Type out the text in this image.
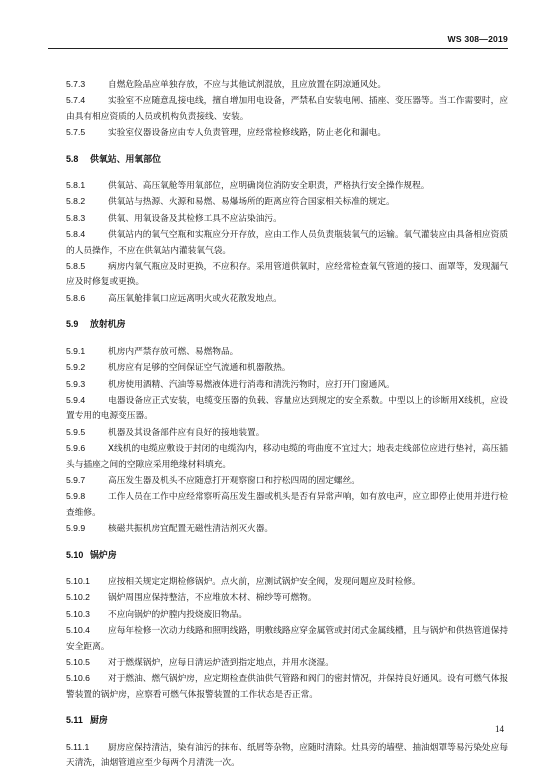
WS 308—2019

5.7.3	自燃危险品应单独存放，不应与其他试剂混放，且应放置在阴凉通风处。

5.7.4	实验室不应随意乱接电线，擅自增加用电设备，严禁私自安装电闸、插座、变压器等。当工作需要时，应由具有相应资质的人员或机构负责接线、安装。

5.7.5	实验室仪器设备应由专人负责管理，应经常检修线路，防止老化和漏电。

5.8 供氧站、用氧部位

5.8.1	供氧站、高压氧舱等用氧部位，应明确岗位消防安全职责，严格执行安全操作规程。

5.8.2	供氧站与热源、火源和易燃、易爆场所的距离应符合国家相关标准的规定。

5.8.3	供氧、用氧设备及其检修工具不应沾染油污。

5.8.4	供氧站内的氧气空瓶和实瓶应分开存放，应由工作人员负责瓶装氧气的运输。氧气灌装应由具备相应资质的人员操作，不应在供氧站内灌装氧气袋。

5.8.5	病房内氧气瓶应及时更换，不应积存。采用管道供氧时，应经常检查氧气管道的接口、面罩等，发现漏气应及时修复或更换。

5.8.6	高压氧舱排氧口应远离明火或火花散发地点。

5.9 放射机房

5.9.1	机房内严禁存放可燃、易燃物品。

5.9.2	机房应有足够的空间保证空气流通和机器散热。

5.9.3	机房使用酒精、汽油等易燃液体进行消毒和清洗污物时，应打开门窗通风。

5.9.4	电器设备应正式安装，电缆变压器的负载、容量应达到规定的安全系数。中型以上的诊断用X线机，应设置专用的电源变压器。

5.9.5	机器及其设备部件应有良好的接地装置。

5.9.6	X线机的电缆应敷设于封闭的电缆沟内，移动电缆的弯曲度不宜过大；地表走线部位应进行垫衬，高压插头与插座之间的空隙应采用绝缘材料填充。

5.9.7	高压发生器及机头不应随意打开观察窗口和拧松四周的固定螺丝。

5.9.8	工作人员在工作中应经常察听高压发生器或机头是否有异常声响，如有放电声，应立即停止使用并进行检查维修。

5.9.9	核磁共振机房宜配置无磁性清洁剂灭火器。

5.10 锅炉房

5.10.1 应按相关规定定期检修锅炉。点火前，应测试锅炉安全阀，发现问题应及时检修。

5.10.2 锅炉周围应保持整洁，不应堆放木材、棉纱等可燃物。

5.10.3 不应向锅炉的炉膛内投烧废旧物品。

5.10.4 应每年检修一次动力线路和照明线路，明敷线路应穿金属管或封闭式金属线槽，且与锅炉和供热管道保持安全距离。

5.10.5 对于燃煤锅炉，应每日清运炉渣到指定地点，并用水浇湿。

5.10.6 对于燃油、燃气锅炉房，应定期检查供油供气管路和阀门的密封情况，并保持良好通风。设有可燃气体报警装置的锅炉房，应察看可燃气体报警装置的工作状态是否正常。

5.11 厨房

5.11.1 厨房应保持清洁，染有油污的抹布、纸屑等杂物，应随时清除。灶具旁的墙壁、抽油烟罩等易污染处应每天清洗，油烟管道应至少每两个月清洗一次。

14
